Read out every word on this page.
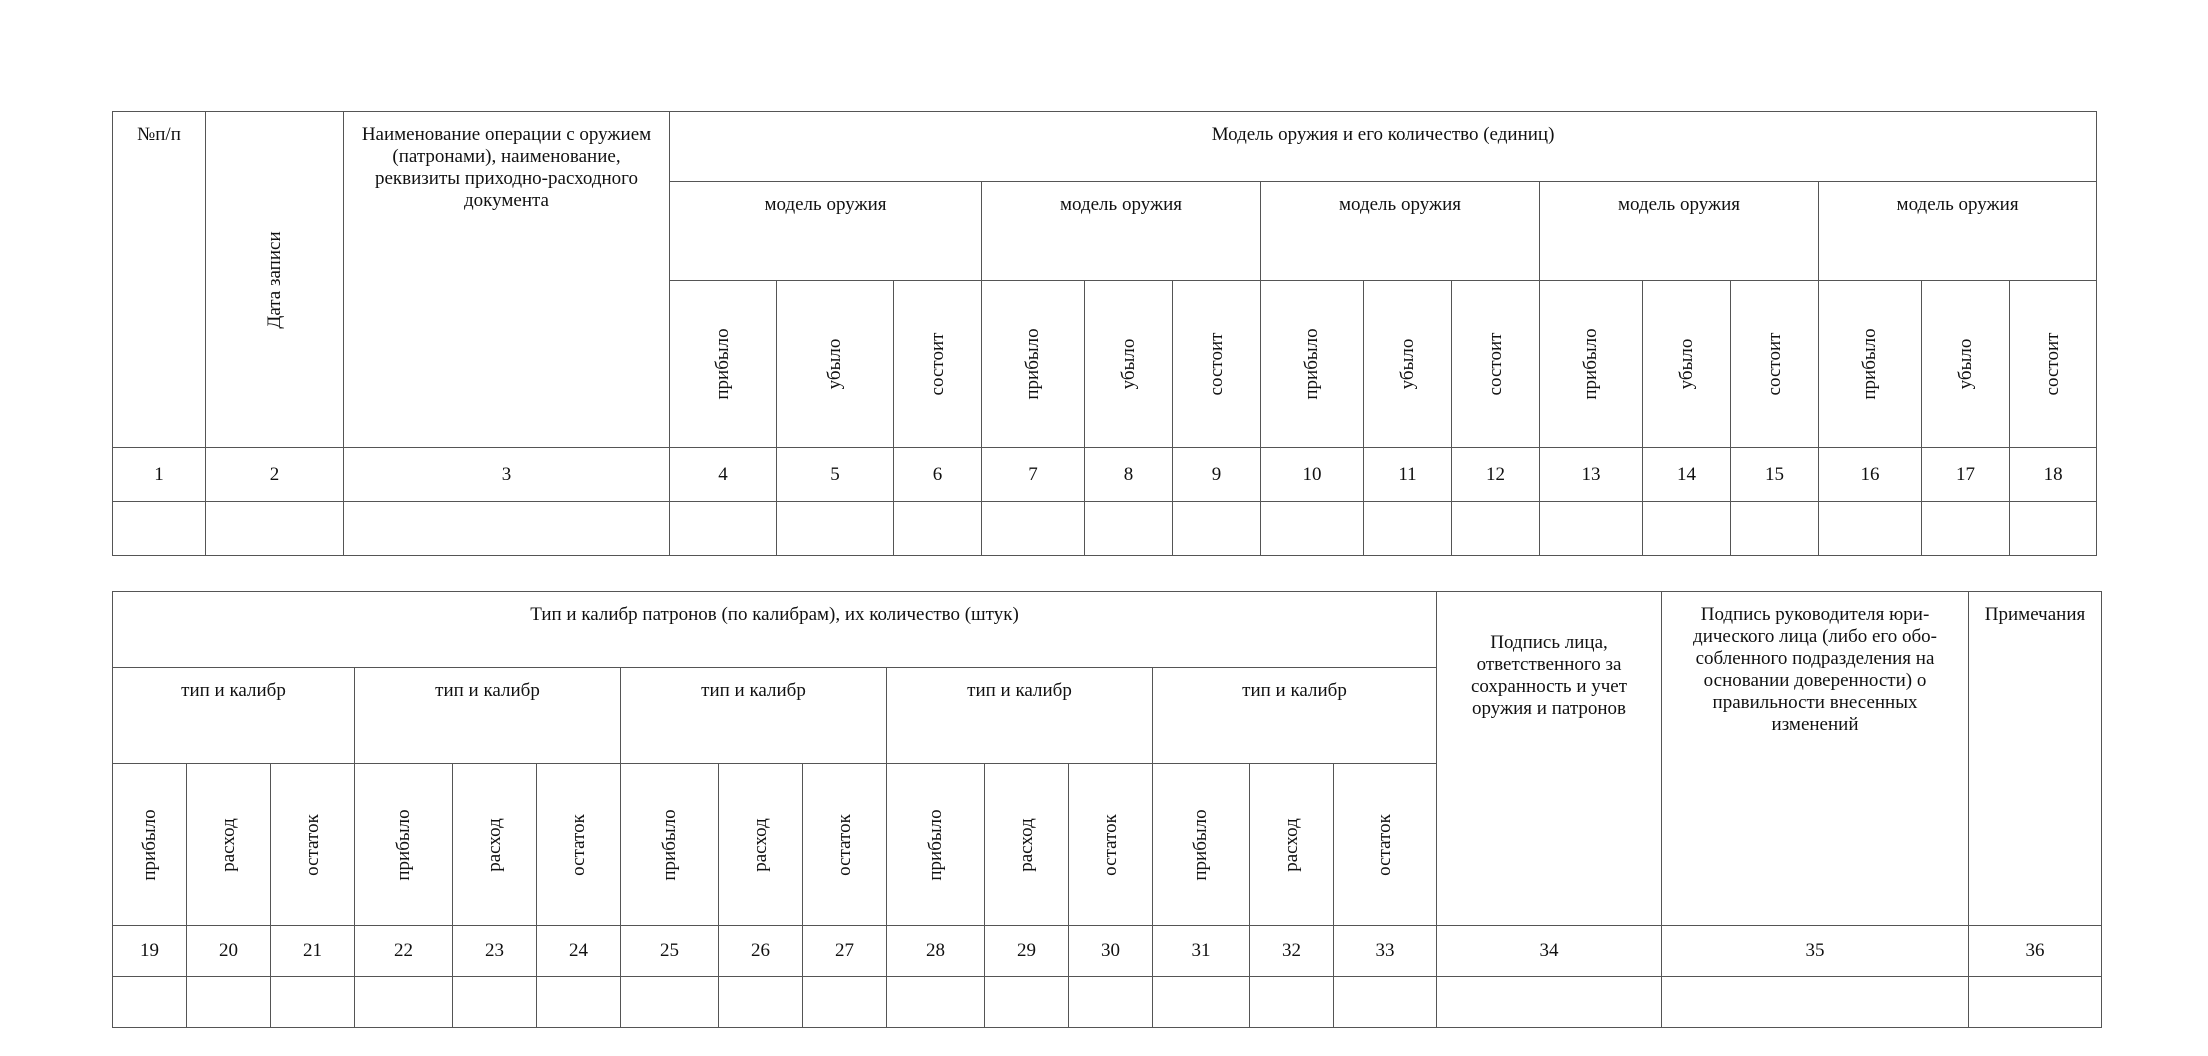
№п/п	Дата записи	Наименование операции с оружием (патронами), наименование, реквизиты приходно-расходного документа	Модель оружия и его количество (единиц)														
			модель оружия			модель оружия			модель оружия			модель оружия			модель оружия		

			прибыло	убыло	состоит	прибыло	убыло	состоит	прибыло	убыло	состоит	прибыло	убыло	состоит	прибыло	убыло	состоит

1	2	3	4	5	6	7	8	9	10	11	12	13	14	15	16	17	18

Тип и калибр патронов (по калибрам), их количество (штук)															Подпись лица, ответственного за сохранность и учет оружия и патронов	Подпись руководителя юри-дического лица (либо его обо-собленного подразделения на основании доверенности) о правильности внесенных изменений	Примечания
тип и калибр			тип и калибр			тип и калибр			тип и калибр			тип и калибр					

прибыло	расход	остаток	прибыло	расход	остаток	прибыло	расход	остаток	прибыло	расход	остаток	прибыло	расход	остаток			

19	20	21	22	23	24	25	26	27	28	29	30	31	32	33	34	35	36
